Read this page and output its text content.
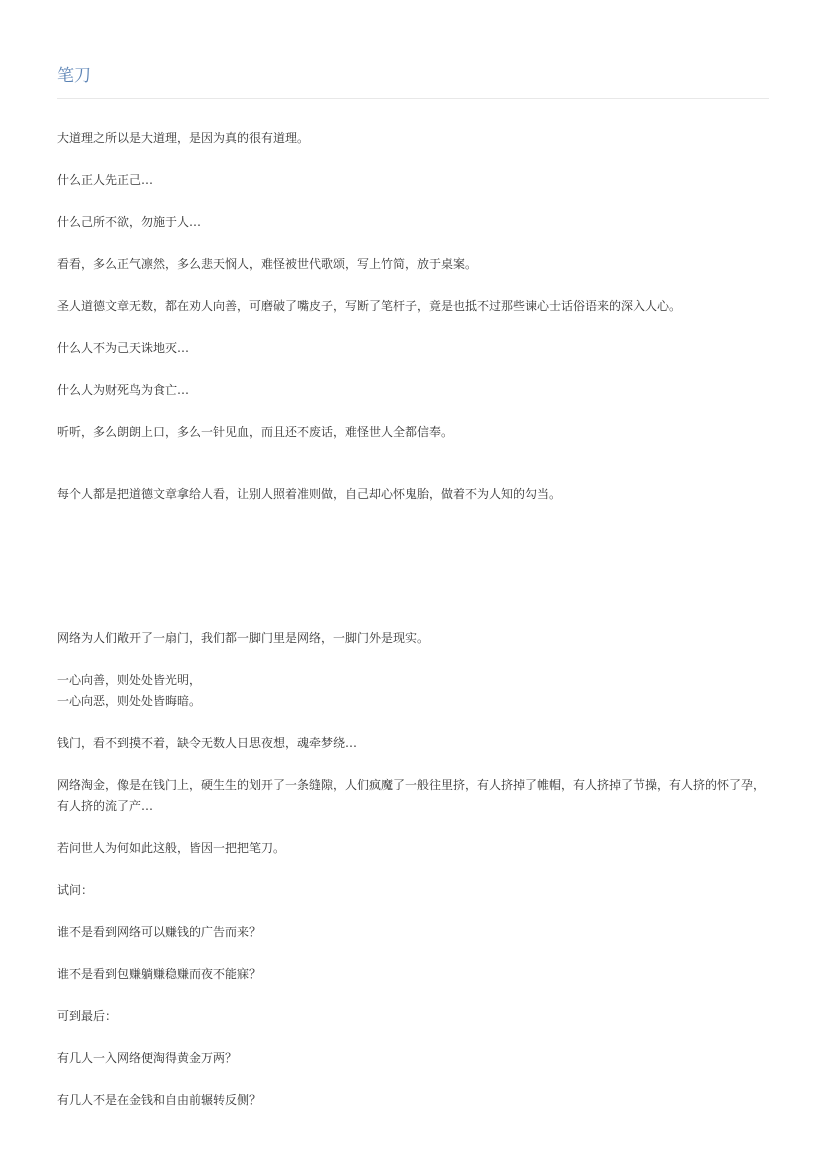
笔刀

大道理之所以是大道理，是因为真的很有道理。

什么正人先正己…

什么己所不欲，勿施于人…

看看，多么正气凛然，多么悲天悯人，难怪被世代歌颂，写上竹简，放于桌案。

圣人道德文章无数，都在劝人向善，可磨破了嘴皮子，写断了笔杆子，竟是也抵不过那些谏心士话俗语来的深入人心。

什么人不为己天诛地灭…

什么人为财死鸟为食亡…

听听，多么朗朗上口，多么一针见血，而且还不废话，难怪世人全都信奉。

每个人都是把道德文章拿给人看，让别人照着准则做，自己却心怀鬼胎，做着不为人知的勾当。

网络为人们敞开了一扇门，我们都一脚门里是网络，一脚门外是现实。

一心向善，则处处皆光明，

一心向恶，则处处皆晦暗。

钱门，看不到摸不着，缺令无数人日思夜想，魂牵梦绕…

网络淘金，像是在钱门上，硬生生的划开了一条缝隙，人们疯魔了一般往里挤，有人挤掉了帷帽，有人挤掉了节操，有人挤的怀了孕，有人挤的流了产…

若问世人为何如此这般，皆因一把把笔刀。

试问：

谁不是看到网络可以赚钱的广告而来？

谁不是看到包赚躺赚稳赚而夜不能寐？

可到最后：

有几人一入网络便淘得黄金万两？

有几人不是在金钱和自由前辗转反侧？
